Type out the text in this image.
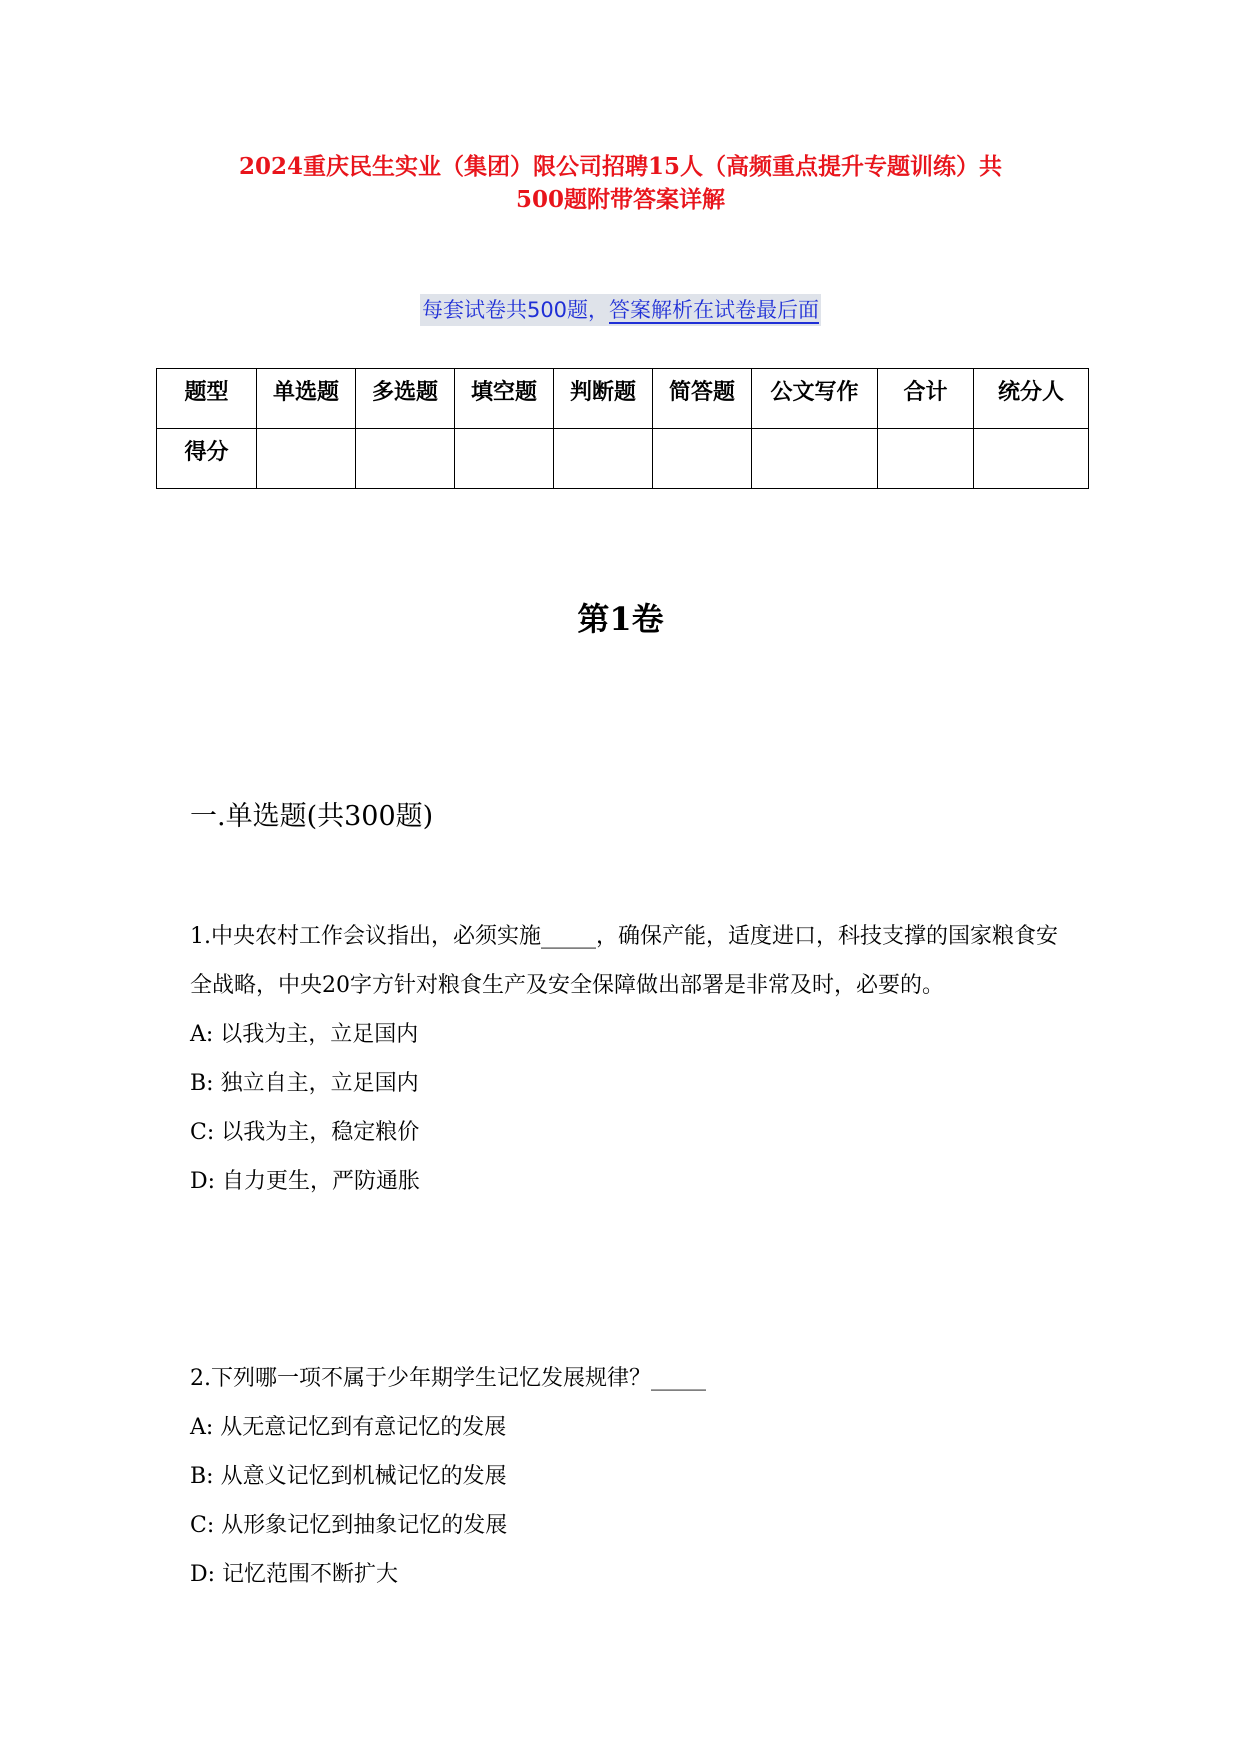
2024重庆民生实业（集团）限公司招聘15人（高频重点提升专题训练）共
500题附带答案详解
每套试卷共500题，答案解析在试卷最后面
题型	单选题	多选题	填空题	判断题	简答题	公文写作	合计	统分人
得分								
第1卷
一.单选题(共300题)

1.中央农村工作会议指出，必须实施_____，确保产能，适度进口，科技支撑的国家粮食安全战略，中央20字方针对粮食生产及安全保障做出部署是非常及时，必要的。

A: 以我为主，立足国内

B: 独立自主，立足国内

C: 以我为主，稳定粮价

D: 自力更生，严防通胀

2.下列哪一项不属于少年期学生记忆发展规律？_____

A: 从无意记忆到有意记忆的发展

B: 从意义记忆到机械记忆的发展

C: 从形象记忆到抽象记忆的发展

D: 记忆范围不断扩大
